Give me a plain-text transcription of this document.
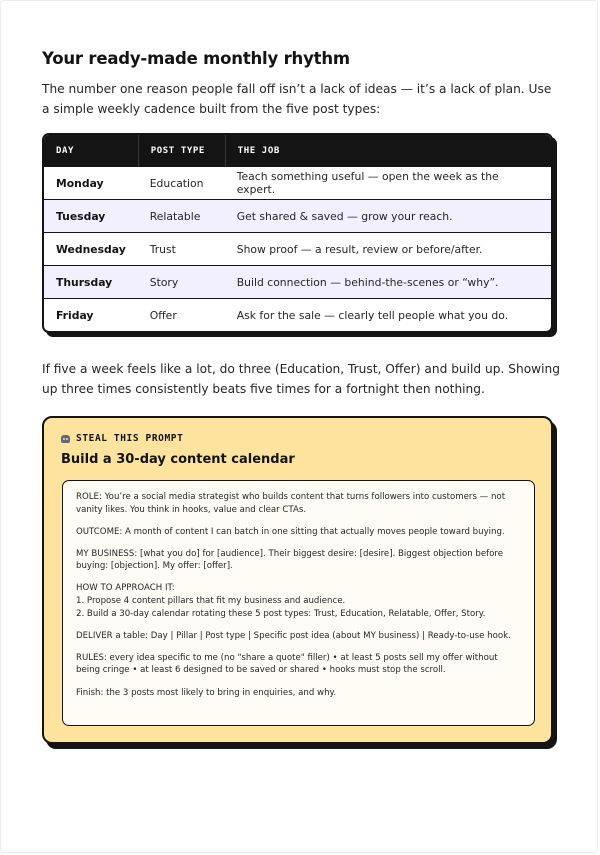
Your ready-made monthly rhythm

The number one reason people fall off isn’t a lack of ideas — it’s a lack of plan. Use a simple weekly cadence built from the five post types:

DAY	POST TYPE	THE JOB
Monday	Education	Teach something useful — open the week as the expert.
Tuesday	Relatable	Get shared & saved — grow your reach.
Wednesday	Trust	Show proof — a result, review or before/after.
Thursday	Story	Build connection — behind-the-scenes or “why”.
Friday	Offer	Ask for the sale — clearly tell people what you do.

If five a week feels like a lot, do three (Education, Trust, Offer) and build up. Showing up three times consistently beats five times for a fortnight then nothing.

STEAL THIS PROMPT
Build a 30-day content calendar

ROLE: You’re a social media strategist who builds content that turns followers into customers — not vanity likes. You think in hooks, value and clear CTAs.

OUTCOME: A month of content I can batch in one sitting that actually moves people toward buying.

MY BUSINESS: [what you do] for [audience]. Their biggest desire: [desire]. Biggest objection before buying: [objection]. My offer: [offer].

HOW TO APPROACH IT:
1. Propose 4 content pillars that fit my business and audience.
2. Build a 30-day calendar rotating these 5 post types: Trust, Education, Relatable, Offer, Story.

DELIVER a table: Day | Pillar | Post type | Specific post idea (about MY business) | Ready-to-use hook.

RULES: every idea specific to me (no "share a quote" filler) • at least 5 posts sell my offer without being cringe • at least 6 designed to be saved or shared • hooks must stop the scroll.

Finish: the 3 posts most likely to bring in enquiries, and why.
